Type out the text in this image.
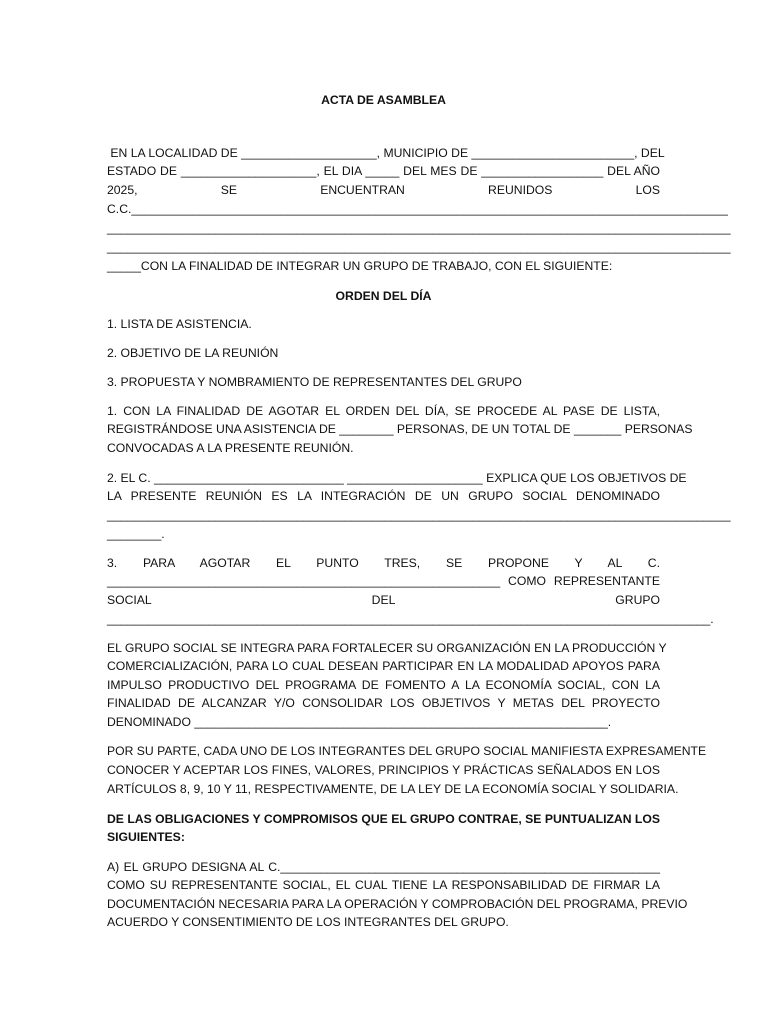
ACTA DE ASAMBLEA
EN LA LOCALIDAD DE ____________________, MUNICIPIO DE ________________________, DEL
ESTADO DE ____________________, EL DIA _____ DEL MES DE __________________ DEL AÑO
2025, SE ENCUENTRAN REUNIDOS LOS
C.C.________________________________________________________________________________________
____________________________________________________________________________________________
____________________________________________________________________________________________
_____CON LA FINALIDAD DE INTEGRAR UN GRUPO DE TRABAJO, CON EL SIGUIENTE:
ORDEN DEL DÍA
1. LISTA DE ASISTENCIA.
2. OBJETIVO DE LA REUNIÓN
3. PROPUESTA Y NOMBRAMIENTO DE REPRESENTANTES DEL GRUPO
1. CON LA FINALIDAD DE AGOTAR EL ORDEN DEL DÍA, SE PROCEDE AL PASE DE LISTA,
REGISTRÁNDOSE UNA ASISTENCIA DE ________ PERSONAS, DE UN TOTAL DE _______ PERSONAS
CONVOCADAS A LA PRESENTE REUNIÓN.
2. EL C. ____________________________ ____________________ EXPLICA QUE LOS OBJETIVOS DE
LA PRESENTE REUNIÓN ES LA INTEGRACIÓN DE UN GRUPO SOCIAL DENOMINADO
____________________________________________________________________________________________
________.
3. PARA AGOTAR EL PUNTO TRES, SE PROPONE Y AL C.
__________________________________________________________ COMO REPRESENTANTE
SOCIAL DEL GRUPO
_________________________________________________________________________________________.
EL GRUPO SOCIAL SE INTEGRA PARA FORTALECER SU ORGANIZACIÓN EN LA PRODUCCIÓN Y
COMERCIALIZACIÓN, PARA LO CUAL DESEAN PARTICIPAR EN LA MODALIDAD APOYOS PARA
IMPULSO PRODUCTIVO DEL PROGRAMA DE FOMENTO A LA ECONOMÍA SOCIAL, CON LA
FINALIDAD DE ALCANZAR Y/O CONSOLIDAR LOS OBJETIVOS Y METAS DEL PROYECTO
DENOMINADO _____________________________________________________________.
POR SU PARTE, CADA UNO DE LOS INTEGRANTES DEL GRUPO SOCIAL MANIFIESTA EXPRESAMENTE
CONOCER Y ACEPTAR LOS FINES, VALORES, PRINCIPIOS Y PRÁCTICAS SEÑALADOS EN LOS
ARTÍCULOS 8, 9, 10 Y 11, RESPECTIVAMENTE, DE LA LEY DE LA ECONOMÍA SOCIAL Y SOLIDARIA.
DE LAS OBLIGACIONES Y COMPROMISOS QUE EL GRUPO CONTRAE, SE PUNTUALIZAN LOS
SIGUIENTES:
A) EL GRUPO DESIGNA AL C.________________________________________________________
COMO SU REPRESENTANTE SOCIAL, EL CUAL TIENE LA RESPONSABILIDAD DE FIRMAR LA
DOCUMENTACIÓN NECESARIA PARA LA OPERACIÓN Y COMPROBACIÓN DEL PROGRAMA, PREVIO
ACUERDO Y CONSENTIMIENTO DE LOS INTEGRANTES DEL GRUPO.
